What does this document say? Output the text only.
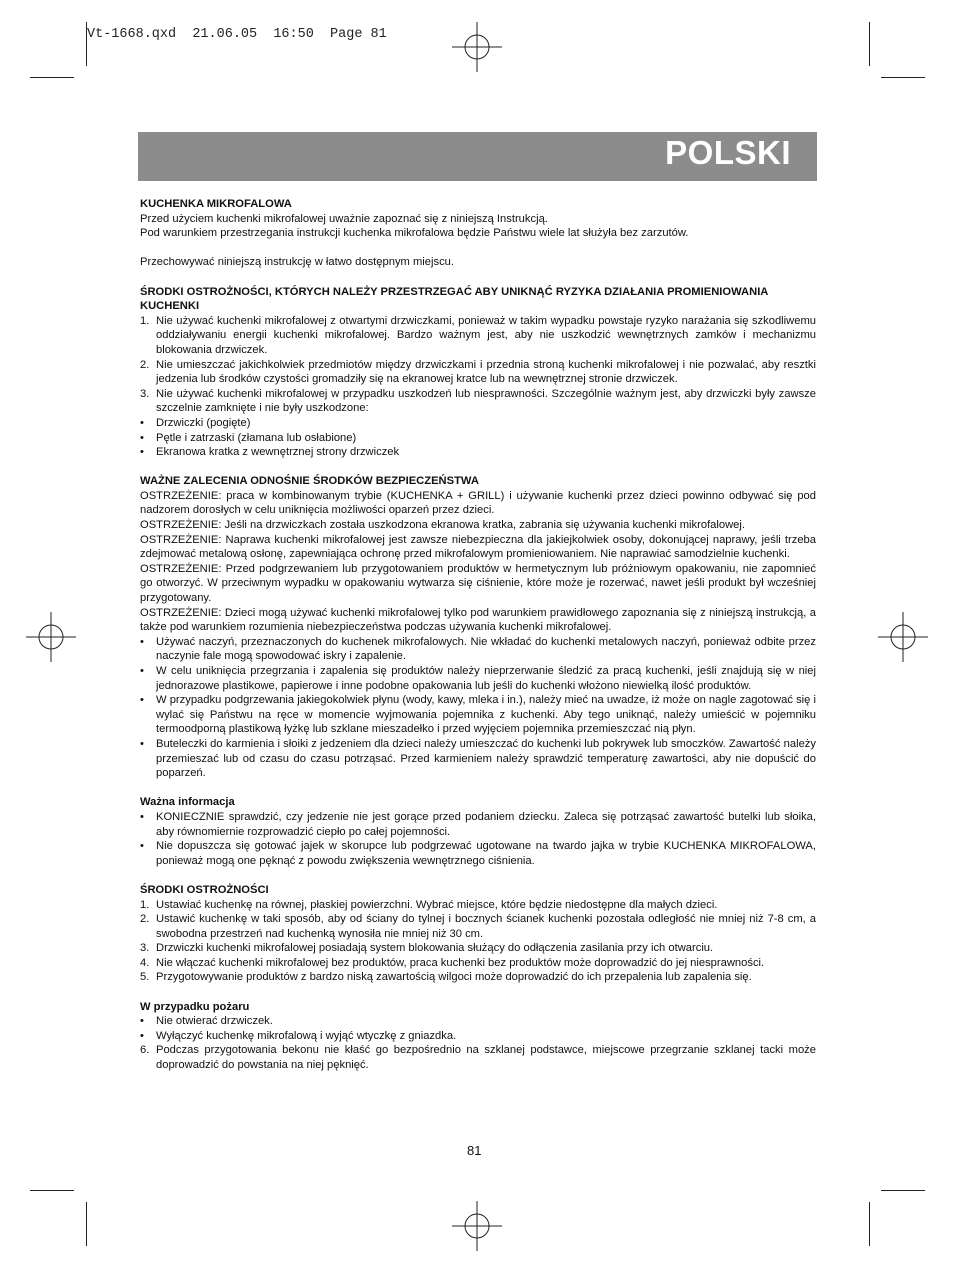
Vt-1668.qxd  21.06.05  16:50  Page 81
POLSKI

KUCHENKA MIKROFALOWA

Przed użyciem kuchenki mikrofalowej uważnie zapoznać się z niniejszą Instrukcją.

Pod warunkiem przestrzegania instrukcji kuchenka mikrofalowa będzie Państwu wiele lat służyła bez zarzutów.

Przechowywać niniejszą instrukcję w łatwo dostępnym miejscu.

ŚRODKI OSTROŻNOŚCI, KTÓRYCH NALEŻY PRZESTRZEGAĆ ABY UNIKNĄĆ RYZYKA DZIAŁANIA PROMIENIOWANIA KUCHENKI

1. Nie używać kuchenki mikrofalowej z otwartymi drzwiczkami, ponieważ w takim wypadku powstaje ryzyko narażania się szkodliwemu oddziaływaniu energii kuchenki mikrofalowej. Bardzo ważnym jest, aby nie uszkodzić wewnętrznych zamków i mechanizmu blokowania drzwiczek.
2. Nie umieszczać jakichkolwiek przedmiotów między drzwiczkami i przednia stroną kuchenki mikrofalowej i nie pozwalać, aby resztki jedzenia lub środków czystości gromadziły się na ekranowej kratce lub na wewnętrznej stronie drzwiczek.
3. Nie używać kuchenki mikrofalowej w przypadku uszkodzeń lub niesprawności. Szczególnie ważnym jest, aby drzwiczki były zawsze szczelnie zamknięte i nie były uszkodzone:
• Drzwiczki (pogięte)
• Pętle i zatrzaski (złamana lub osłabione)
• Ekranowa kratka z wewnętrznej strony drzwiczek

WAŻNE ZALECENIA ODNOŚNIE ŚRODKÓW BEZPIECZEŃSTWA

OSTRZEŻENIE: praca w kombinowanym trybie (KUCHENKA + GRILL) i używanie kuchenki przez dzieci powinno odbywać się pod nadzorem dorosłych w celu uniknięcia możliwości oparzeń przez dzieci.

OSTRZEŻENIE: Jeśli na drzwiczkach została uszkodzona ekranowa kratka, zabrania się używania kuchenki mikrofalowej.

OSTRZEŻENIE: Naprawa kuchenki mikrofalowej jest zawsze niebezpieczna dla jakiejkolwiek osoby, dokonującej naprawy, jeśli trzeba zdejmować metalową osłonę, zapewniająca ochronę przed mikrofalowym promieniowaniem. Nie naprawiać samodzielnie kuchenki.

OSTRZEŻENIE: Przed podgrzewaniem lub przygotowaniem produktów w hermetycznym lub próżniowym opakowaniu, nie zapomnieć go otworzyć. W przeciwnym wypadku w opakowaniu wytwarza się ciśnienie, które może je rozerwać, nawet jeśli produkt był wcześniej przygotowany.

OSTRZEŻENIE: Dzieci mogą używać kuchenki mikrofalowej tylko pod warunkiem prawidłowego zapoznania się z niniejszą instrukcją, a także pod warunkiem rozumienia niebezpieczeństwa podczas używania kuchenki mikrofalowej.

• Używać naczyń, przeznaczonych do kuchenek mikrofalowych. Nie wkładać do kuchenki metalowych naczyń, ponieważ odbite przez naczynie fale mogą spowodować iskry i zapalenie.
• W celu uniknięcia przegrzania i zapalenia się produktów należy nieprzerwanie śledzić za pracą kuchenki, jeśli znajdują się w niej jednorazowe plastikowe, papierowe i inne podobne opakowania lub jeśli do kuchenki włożono niewielką ilość produktów.
• W przypadku podgrzewania jakiegokolwiek płynu (wody, kawy, mleka i in.), należy mieć na uwadze, iż może on nagle zagotować się i wylać się Państwu na ręce w momencie wyjmowania pojemnika z kuchenki. Aby tego uniknąć, należy umieścić w pojemniku termoodporną plastikową łyżkę lub szklane mieszadełko i przed wyjęciem pojemnika przemieszczać nią płyn.
• Buteleczki do karmienia i słoiki z jedzeniem dla dzieci należy umieszczać do kuchenki lub pokrywek lub smoczków. Zawartość należy przemieszać lub od czasu do czasu potrząsać. Przed karmieniem należy sprawdzić temperaturę zawartości, aby nie dopuścić do poparzeń.

Ważna informacja

• KONIECZNIE sprawdzić, czy jedzenie nie jest gorące przed podaniem dziecku. Zaleca się potrząsać zawartość butelki lub słoika, aby równomiernie rozprowadzić ciepło po całej pojemności.
• Nie dopuszcza się gotować jajek w skorupce lub podgrzewać ugotowane na twardo jajka w trybie KUCHENKA MIKROFALOWA, ponieważ mogą one pęknąć z powodu zwiększenia wewnętrznego ciśnienia.

ŚRODKI OSTROŻNOŚCI

1. Ustawiać kuchenkę na równej, płaskiej powierzchni. Wybrać miejsce, które będzie niedostępne dla małych dzieci.
2. Ustawić kuchenkę w taki sposób, aby od ściany do tylnej i bocznych ścianek kuchenki pozostała odległość nie mniej niż 7-8 cm, a swobodna przestrzeń nad kuchenką wynosiła nie mniej niż 30 cm.
3. Drzwiczki kuchenki mikrofalowej posiadają system blokowania służący do odłączenia zasilania przy ich otwarciu.
4. Nie włączać kuchenki mikrofalowej bez produktów, praca kuchenki bez produktów może doprowadzić do jej niesprawności.
5. Przygotowywanie produktów z bardzo niską zawartością wilgoci może doprowadzić do ich przepalenia lub zapalenia się.

W przypadku pożaru

• Nie otwierać drzwiczek.
• Wyłączyć kuchenkę mikrofalową i wyjąć wtyczkę z gniazdka.
6. Podczas przygotowania bekonu nie kłaść go bezpośrednio na szklanej podstawce, miejscowe przegrzanie szklanej tacki może doprowadzić do powstania na niej pęknięć.
81
